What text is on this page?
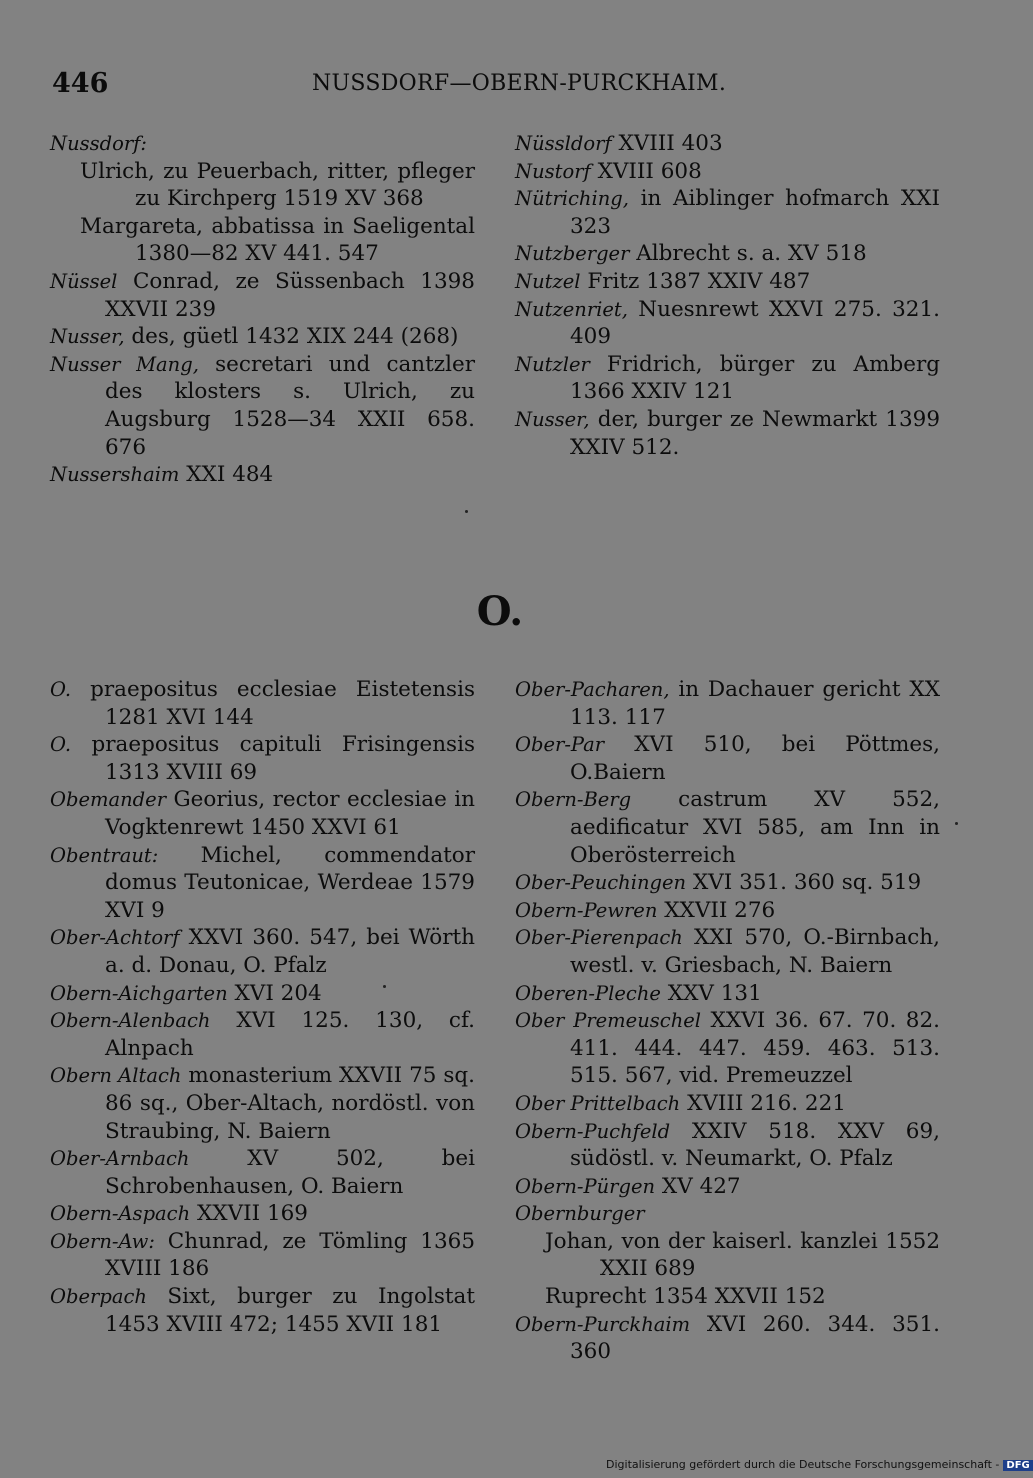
446	NUSSDORF—OBERN-PURCKHAIM.
Nussdorf:
Ulrich, zu Peuerbach, ritter, pfleger zu Kirchperg 1519 XV 368
Margareta, abbatissa in Saeligental 1380—82 XV 441. 547
Nüssel Conrad, ze Süssenbach 1398 XXVII 239
Nusser, des, güetl 1432 XIX 244 (268)
Nusser Mang, secretari und cantzler des klosters s. Ulrich, zu Augsburg 1528—34 XXII 658. 676
Nussershaim XXI 484
Nüssldorf XVIII 403
Nustorf XVIII 608
Nütriching, in Aiblinger hofmarch XXI 323
Nutzberger Albrecht s. a. XV 518
Nutzel Fritz 1387 XXIV 487
Nutzenriet, Nuesnrewt XXVI 275. 321. 409
Nutzler Fridrich, bürger zu Amberg 1366 XXIV 121
Nusser, der, burger ze Newmarkt 1399 XXIV 512.
O.
O. praepositus ecclesiae Eistetensis 1281 XVI 144
O. praepositus capituli Frisingensis 1313 XVIII 69
Obemander Georius, rector ecclesiae in Vogktenrewt 1450 XXVI 61
Obentraut: Michel, commendator domus Teutonicae, Werdeae 1579 XVI 9
Ober-Achtorf XXVI 360. 547, bei Wörth a. d. Donau, O. Pfalz
Obern-Aichgarten XVI 204
Obern-Alenbach XVI 125. 130, cf. Alnpach
Obern Altach monasterium XXVII 75 sq. 86 sq., Ober-Altach, nordöstl. von Straubing, N. Baiern
Ober-Arnbach XV 502, bei Schrobenhausen, O. Baiern
Obern-Aspach XXVII 169
Obern-Aw: Chunrad, ze Tömling 1365 XVIII 186
Oberpach Sixt, burger zu Ingolstat 1453 XVIII 472; 1455 XVII 181
Ober-Pacharen, in Dachauer gericht XX 113. 117
Ober-Par XVI 510, bei Pöttmes, O.Baiern
Obern-Berg castrum XV 552, aedificatur XVI 585, am Inn in Oberösterreich
Ober-Peuchingen XVI 351. 360 sq. 519
Obern-Pewren XXVII 276
Ober-Pierenpach XXI 570, O.-Birnbach, westl. v. Griesbach, N. Baiern
Oberen-Pleche XXV 131
Ober Premeuschel XXVI 36. 67. 70. 82. 411. 444. 447. 459. 463. 513. 515. 567, vid. Premeuzzel
Ober Prittelbach XVIII 216. 221
Obern-Puchfeld XXIV 518. XXV 69, südöstl. v. Neumarkt, O. Pfalz
Obern-Pürgen XV 427
Obernburger
Johan, von der kaiserl. kanzlei 1552 XXII 689
Ruprecht 1354 XXVII 152
Obern-Purckhaim XVI 260. 344. 351. 360
Digitalisierung gefördert durch die Deutsche Forschungsgemeinschaft - DFG
